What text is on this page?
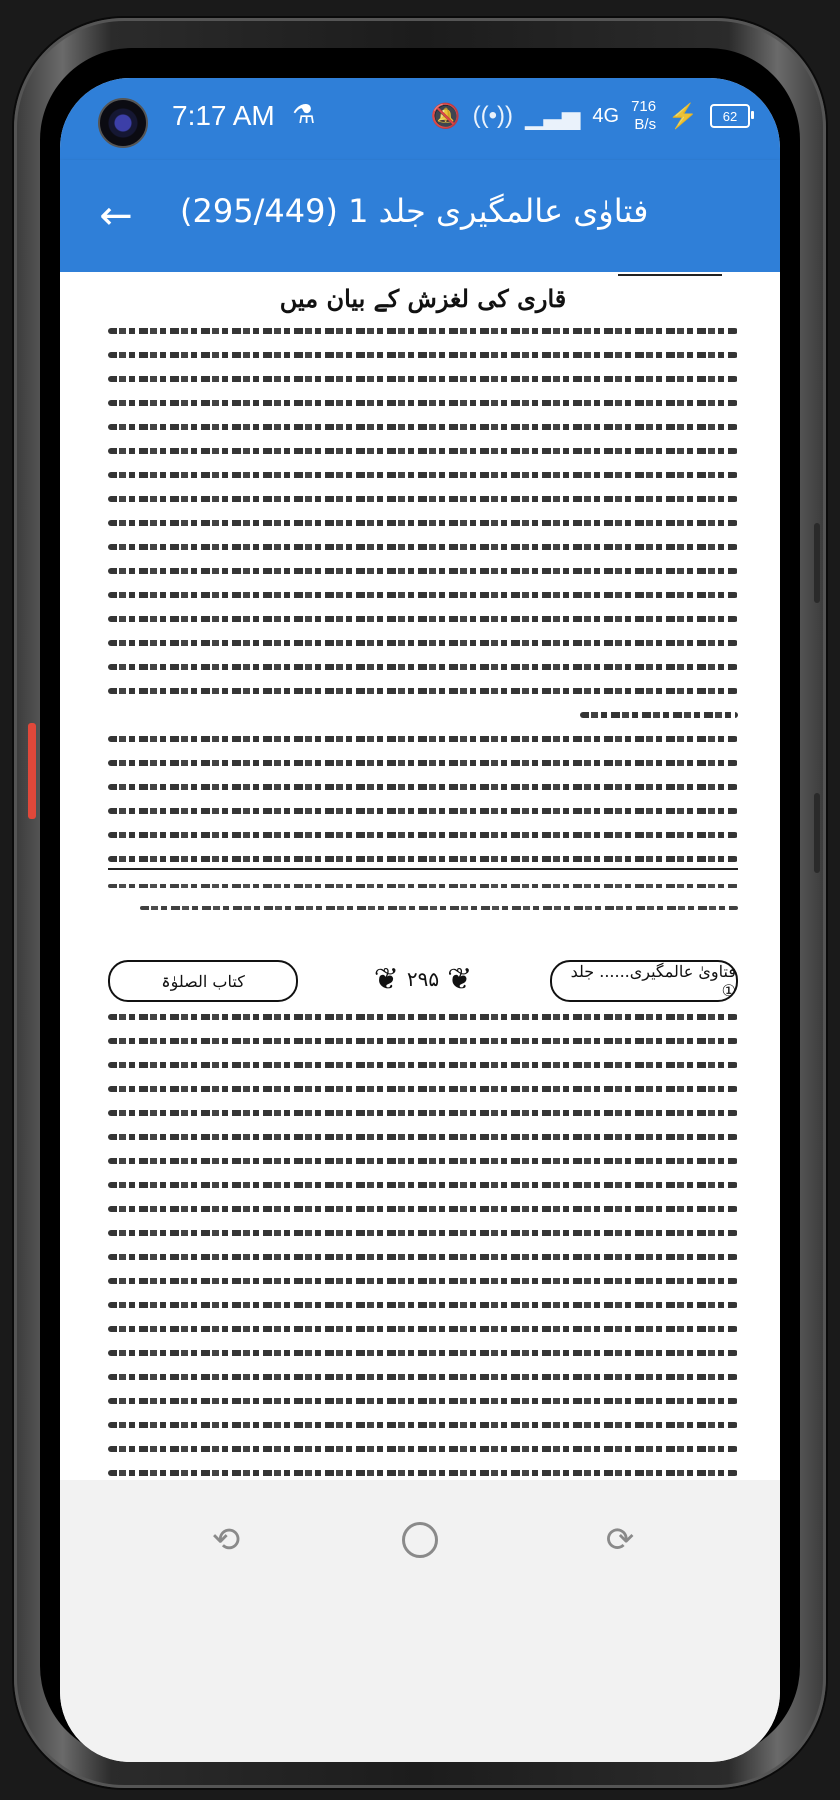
7:17 AM ⚗	🔕 ((•)) ▁▃▅ 4G 716
B/s ⚡ 62
← فتاوٰی عالمگیری جلد 1 (295/449)
قاری کی لغزش کے بیان میں
کتاب الصلوٰۃ	❦ ۲۹۵ ❦	فتاویٰ عالمگیری...... جلد ①
⟲	⟳
